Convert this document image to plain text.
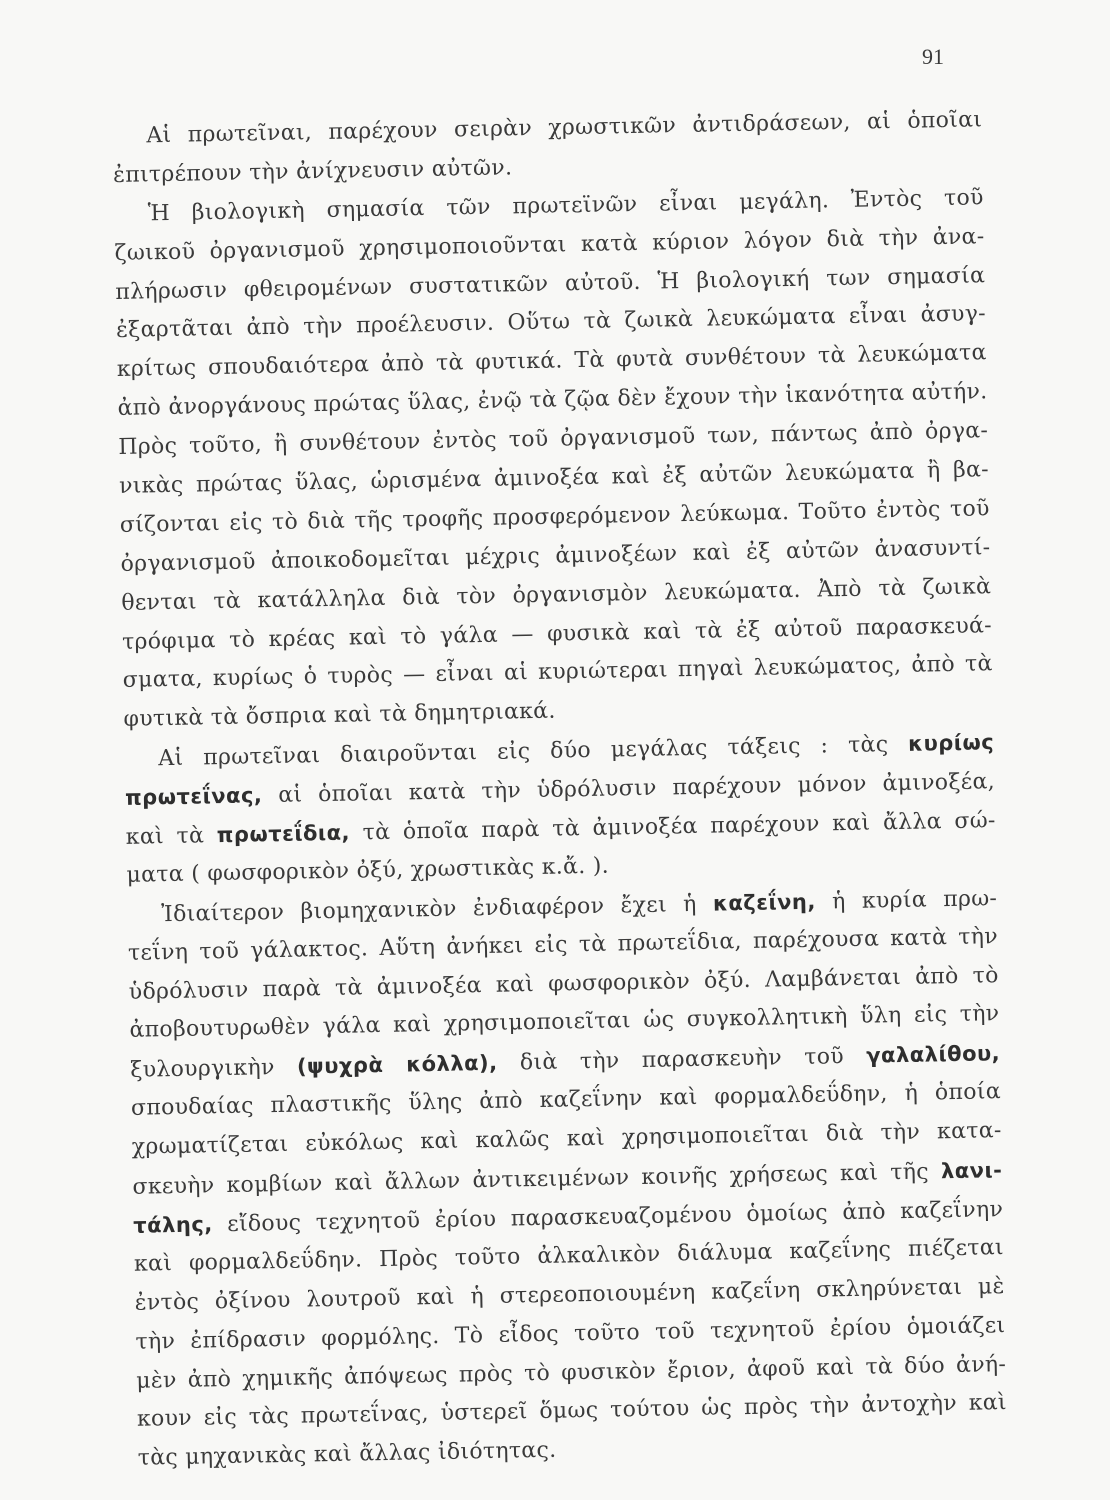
91
Αἱ πρωτεῖναι, παρέχουν σειρὰν χρωστικῶν ἀντιδράσεων, αἱ ὁποῖαι
ἐπιτρέπουν τὴν ἀνίχνευσιν αὐτῶν.
Ἡ βιολογικὴ σημασία τῶν πρωτεϊνῶν εἶναι μεγάλη. Ἐντὸς τοῦ
ζωικοῦ ὀργανισμοῦ χρησιμοποιοῦνται κατὰ κύριον λόγον διὰ τὴν ἀνα-
πλήρωσιν φθειρομένων συστατικῶν αὐτοῦ. Ἡ βιολογική των σημασία
ἐξαρτᾶται ἀπὸ τὴν προέλευσιν. Οὕτω τὰ ζωικὰ λευκώματα εἶναι ἀσυγ-
κρίτως σπουδαιότερα ἀπὸ τὰ φυτικά. Τὰ φυτὰ συνθέτουν τὰ λευκώματα
ἀπὸ ἀνοργάνους πρώτας ὕλας, ἐνῷ τὰ ζῷα δὲν ἔχουν τὴν ἱκανότητα αὐτήν.
Πρὸς τοῦτο, ἢ συνθέτουν ἐντὸς τοῦ ὀργανισμοῦ των, πάντως ἀπὸ ὀργα-
νικὰς πρώτας ὕλας, ὡρισμένα ἀμινοξέα καὶ ἐξ αὐτῶν λευκώματα ἢ βα-
σίζονται εἰς τὸ διὰ τῆς τροφῆς προσφερόμενον λεύκωμα. Τοῦτο ἐντὸς τοῦ
ὀργανισμοῦ ἀποικοδομεῖται μέχρις ἀμινοξέων καὶ ἐξ αὐτῶν ἀνασυντί-
θενται τὰ κατάλληλα διὰ τὸν ὀργανισμὸν λευκώματα. Ἀπὸ τὰ ζωικὰ
τρόφιμα τὸ κρέας καὶ τὸ γάλα — φυσικὰ καὶ τὰ ἐξ αὐτοῦ παρασκευά-
σματα, κυρίως ὁ τυρὸς — εἶναι αἱ κυριώτεραι πηγαὶ λευκώματος, ἀπὸ τὰ
φυτικὰ τὰ ὄσπρια καὶ τὰ δημητριακά.
Αἱ πρωτεῖναι διαιροῦνται εἰς δύο μεγάλας τάξεις : τὰς κυρίως
πρωτεΐνας, αἱ ὁποῖαι κατὰ τὴν ὑδρόλυσιν παρέχουν μόνον ἀμινοξέα,
καὶ τὰ πρωτεΐδια, τὰ ὁποῖα παρὰ τὰ ἀμινοξέα παρέχουν καὶ ἄλλα σώ-
ματα ( φωσφορικὸν ὀξύ, χρωστικὰς κ.ἄ. ).
Ἰδιαίτερον βιομηχανικὸν ἐνδιαφέρον ἔχει ἡ καζεΐνη, ἡ κυρία πρω-
τεΐνη τοῦ γάλακτος. Αὕτη ἀνήκει εἰς τὰ πρωτεΐδια, παρέχουσα κατὰ τὴν
ὑδρόλυσιν παρὰ τὰ ἀμινοξέα καὶ φωσφορικὸν ὀξύ. Λαμβάνεται ἀπὸ τὸ
ἀποβουτυρωθὲν γάλα καὶ χρησιμοποιεῖται ὡς συγκολλητικὴ ὕλη εἰς τὴν
ξυλουργικὴν (ψυχρὰ κόλλα), διὰ τὴν παρασκευὴν τοῦ γαλαλίθου,
σπουδαίας πλαστικῆς ὕλης ἀπὸ καζεΐνην καὶ φορμαλδεΰδην, ἡ ὁποία
χρωματίζεται εὐκόλως καὶ καλῶς καὶ χρησιμοποιεῖται διὰ τὴν κατα-
σκευὴν κομβίων καὶ ἄλλων ἀντικειμένων κοινῆς χρήσεως καὶ τῆς λανι-
τάλης, εἴδους τεχνητοῦ ἐρίου παρασκευαζομένου ὁμοίως ἀπὸ καζεΐνην
καὶ φορμαλδεΰδην. Πρὸς τοῦτο ἀλκαλικὸν διάλυμα καζεΐνης πιέζεται
ἐντὸς ὀξίνου λουτροῦ καὶ ἡ στερεοποιουμένη καζεΐνη σκληρύνεται μὲ
τὴν ἐπίδρασιν φορμόλης. Τὸ εἶδος τοῦτο τοῦ τεχνητοῦ ἐρίου ὁμοιάζει
μὲν ἀπὸ χημικῆς ἀπόψεως πρὸς τὸ φυσικὸν ἔριον, ἀφοῦ καὶ τὰ δύο ἀνή-
κουν εἰς τὰς πρωτεΐνας, ὑστερεῖ ὅμως τούτου ὡς πρὸς τὴν ἀντοχὴν καὶ
τὰς μηχανικὰς καὶ ἄλλας ἰδιότητας.
